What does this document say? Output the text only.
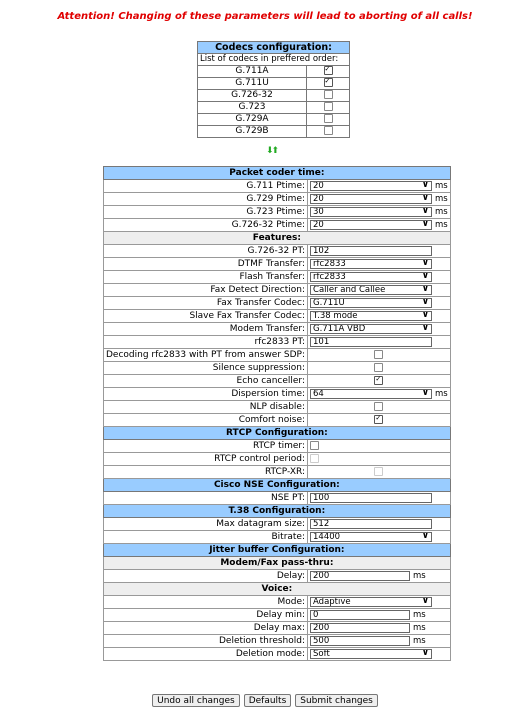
Attention! Changing of these parameters will lead to aborting of all calls!
Codecs configuration:	
List of codecs in preffered order:	
G.711A	✓
G.711U	✓
G.726-32	
G.723	
G.729A	
G.729B	
⬇⬆
Packet coder time:	
G.711 Ptime:	20 ∨ ms
G.729 Ptime:	20 ∨ ms
G.723 Ptime:	30 ∨ ms
G.726-32 Ptime:	20 ∨ ms
Features:	
G.726-32 PT:	102
DTMF Transfer:	rfc2833 ∨
Flash Transfer:	rfc2833 ∨
Fax Detect Direction:	Caller and Callee ∨
Fax Transfer Codec:	G.711U ∨
Slave Fax Transfer Codec:	T.38 mode ∨
Modem Transfer:	G.711A VBD ∨
rfc2833 PT:	101
Decoding rfc2833 with PT from answer SDP:	
Silence suppression:	
Echo canceller:	✓
Dispersion time:	64 ∨ ms
NLP disable:	
Comfort noise:	✓
RTCP Configuration:	
RTCP timer:	
RTCP control period:	
RTCP-XR:	
Cisco NSE Configuration:	
NSE PT:	100
T.38 Configuration:	
Max datagram size:	512
Bitrate:	14400 ∨
Jitter buffer Configuration:	
Modem/Fax pass-thru:	
Delay:	200 ms
Voice:	
Mode:	Adaptive ∨
Delay min:	0 ms
Delay max:	200 ms
Deletion threshold:	500 ms
Deletion mode:	Soft ∨
Undo all changes Defaults Submit changes
